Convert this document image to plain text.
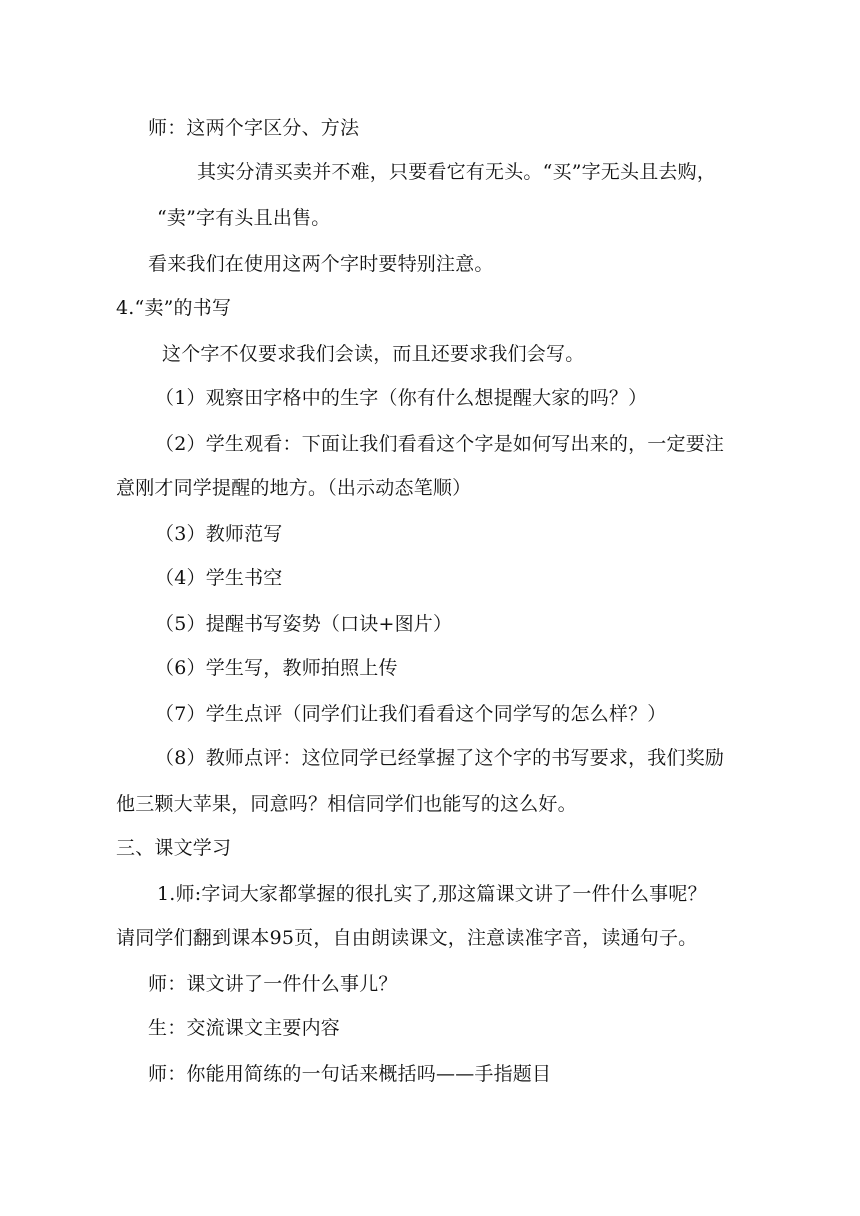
师：这两个字区分、方法
其实分清买卖并不难，只要看它有无头。“买”字无头且去购，
“卖”字有头且出售。
看来我们在使用这两个字时要特别注意。
4.“卖”的书写
这个字不仅要求我们会读，而且还要求我们会写。
（1）观察田字格中的生字（你有什么想提醒大家的吗？）
（2）学生观看：下面让我们看看这个字是如何写出来的，一定要注
意刚才同学提醒的地方。（出示动态笔顺）
（3）教师范写
（4）学生书空
（5）提醒书写姿势（口诀+图片）
（6）学生写，教师拍照上传
（7）学生点评（同学们让我们看看这个同学写的怎么样？）
（8）教师点评：这位同学已经掌握了这个字的书写要求，我们奖励
他三颗大苹果，同意吗？相信同学们也能写的这么好。
三、课文学习
1.师:字词大家都掌握的很扎实了,那这篇课文讲了一件什么事呢？
请同学们翻到课本95页，自由朗读课文，注意读准字音，读通句子。
师：课文讲了一件什么事儿？
生：交流课文主要内容
师：你能用简练的一句话来概括吗——手指题目
